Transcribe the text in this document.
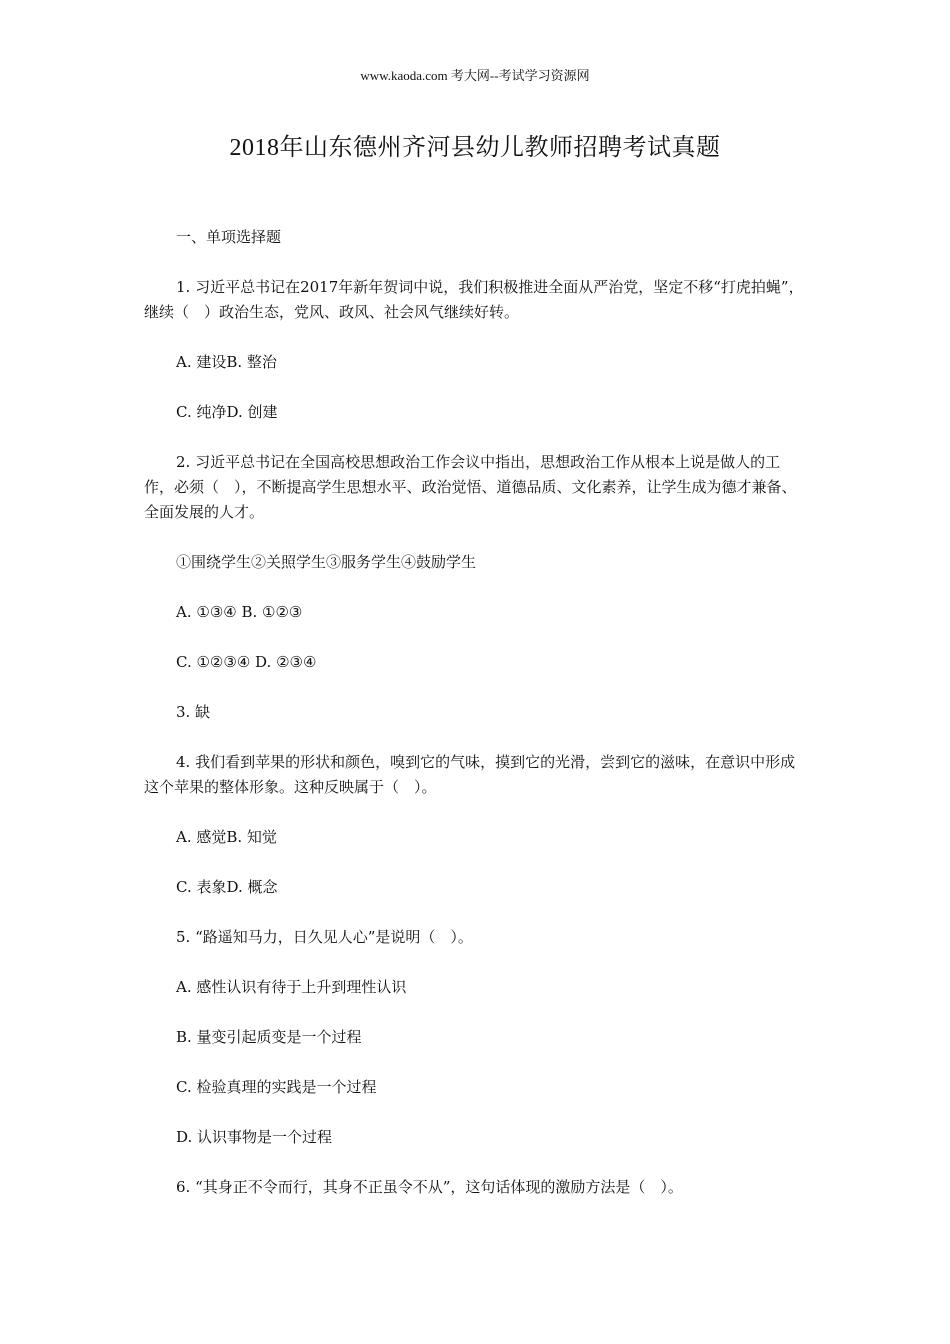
www.kaoda.com 考大网--考试学习资源网
2018年山东德州齐河县幼儿教师招聘考试真题

一、单项选择题

1. 习近平总书记在2017年新年贺词中说，我们积极推进全面从严治党，坚定不移“打虎拍蝇”，继续（　）政治生态，党风、政风、社会风气继续好转。

A. 建设B. 整治

C. 纯净D. 创建

2. 习近平总书记在全国高校思想政治工作会议中指出，思想政治工作从根本上说是做人的工作，必须（　），不断提高学生思想水平、政治觉悟、道德品质、文化素养，让学生成为德才兼备、全面发展的人才。

①围绕学生②关照学生③服务学生④鼓励学生

A. ①③④ B. ①②③

C. ①②③④ D. ②③④

3. 缺

4. 我们看到苹果的形状和颜色，嗅到它的气味，摸到它的光滑，尝到它的滋味，在意识中形成这个苹果的整体形象。这种反映属于（　）。

A. 感觉B. 知觉

C. 表象D. 概念

5. “路遥知马力，日久见人心”是说明（　）。

A. 感性认识有待于上升到理性认识

B. 量变引起质变是一个过程

C. 检验真理的实践是一个过程

D. 认识事物是一个过程

6. “其身正不令而行，其身不正虽令不从”，这句话体现的激励方法是（　）。
